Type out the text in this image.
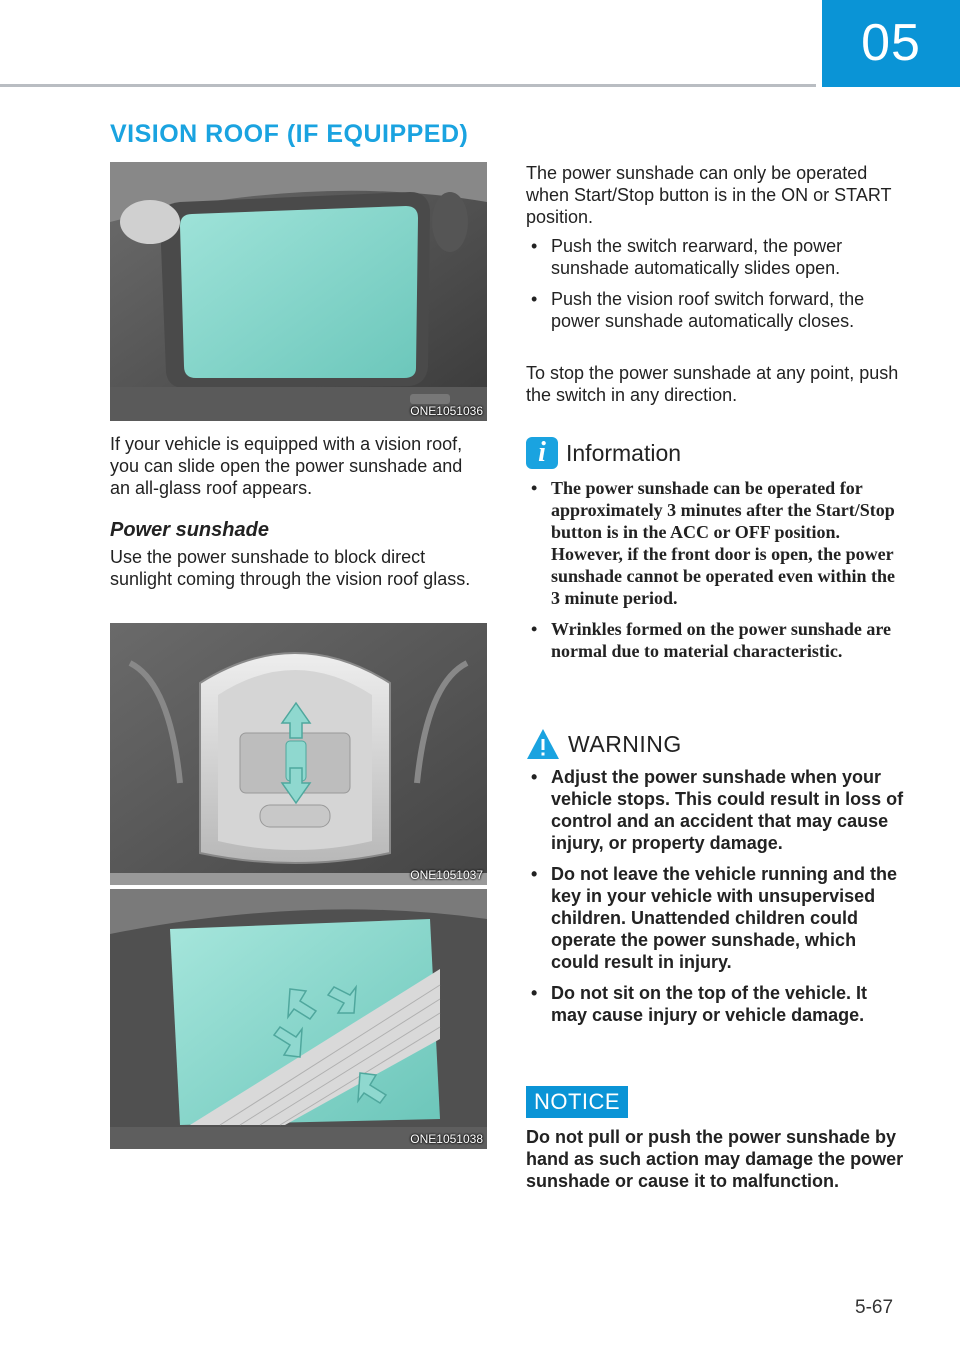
05
VISION ROOF (IF EQUIPPED)
ONE1051036
If your vehicle is equipped with a vision roof, you can slide open the power sunshade and an all-glass roof appears.
Power sunshade
Use the power sunshade to block direct sunlight coming through the vision roof glass.
ONE1051037
ONE1051038
The power sunshade can only be operated when Start/Stop button is in the ON or START position.
• Push the switch rearward, the power sunshade automatically slides open.
• Push the vision roof switch forward, the power sunshade automatically closes.
To stop the power sunshade at any point, push the switch in any direction.
i Information
• The power sunshade can be operated for approximately 3 minutes after the Start/Stop button is in the ACC or OFF position. However, if the front door is open, the power sunshade cannot be operated even within the 3 minute period.
• Wrinkles formed on the power sunshade are normal due to material characteristic.
WARNING
• Adjust the power sunshade when your vehicle stops. This could result in loss of control and an accident that may cause injury, or property damage.
• Do not leave the vehicle running and the key in your vehicle with unsupervised children. Unattended children could operate the power sunshade, which could result in injury.
• Do not sit on the top of the vehicle. It may cause injury or vehicle damage.
NOTICE
Do not pull or push the power sunshade by hand as such action may damage the power sunshade or cause it to malfunction.
5-67
